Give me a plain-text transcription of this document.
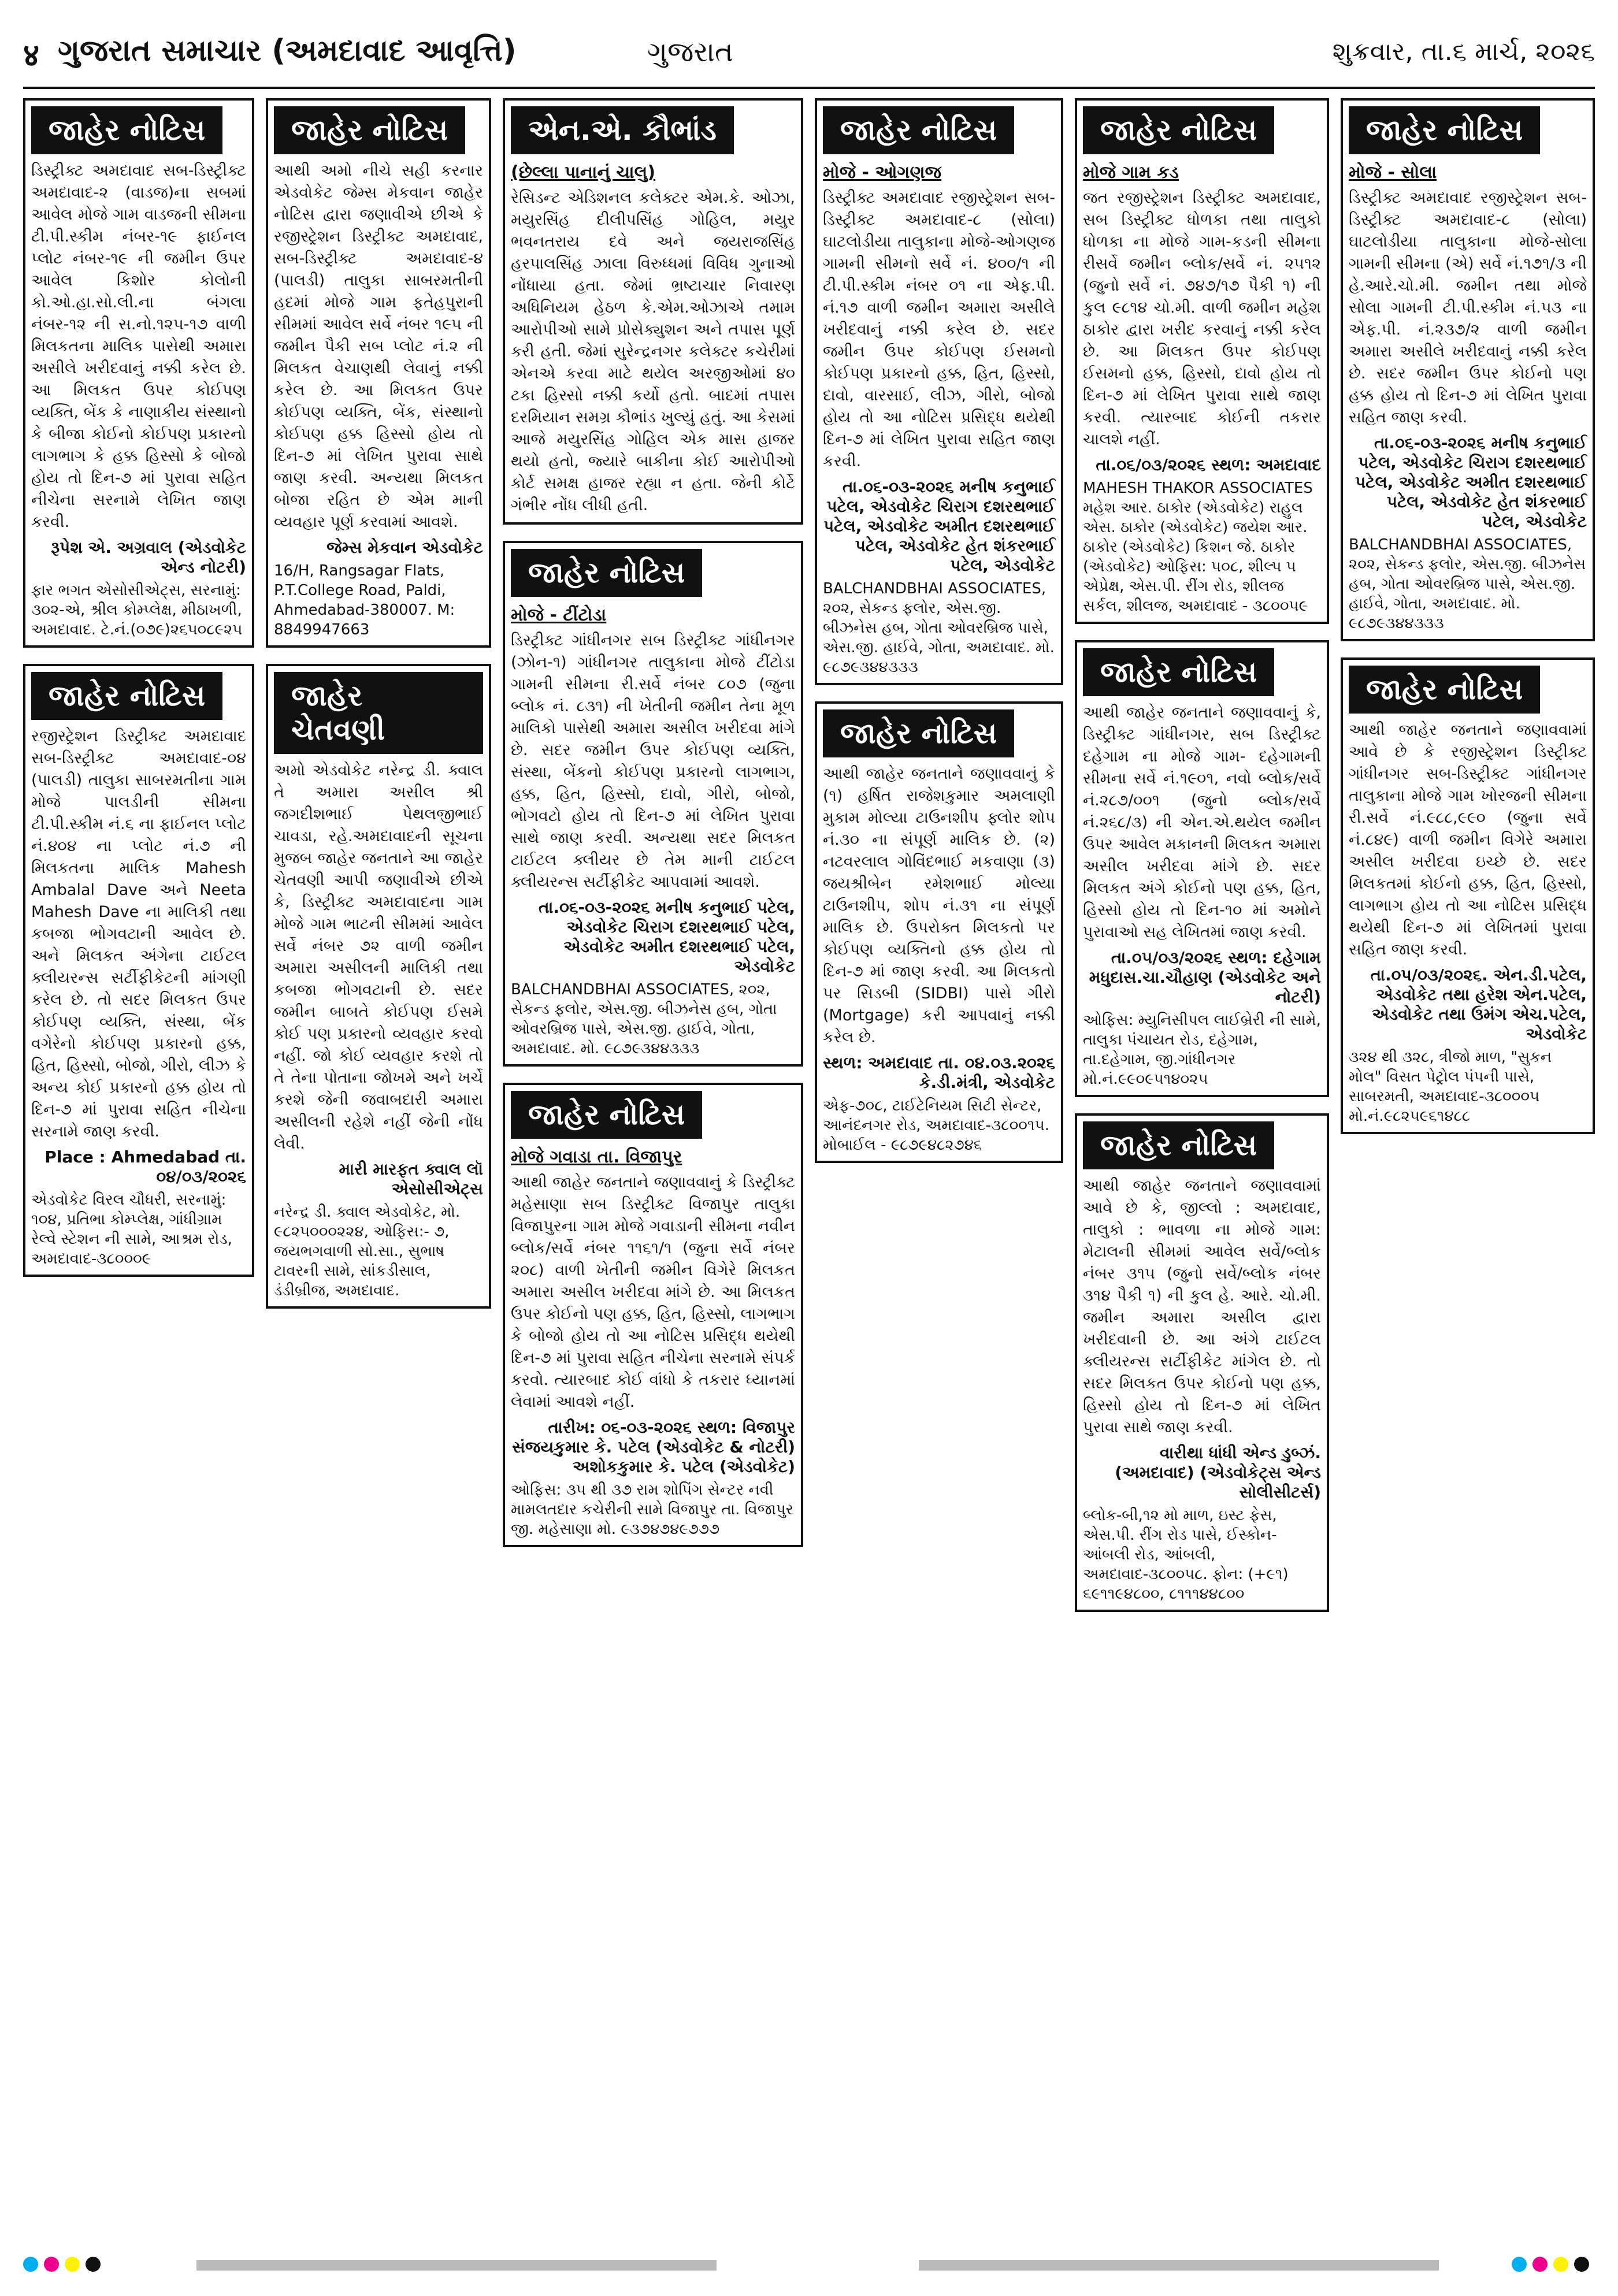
४ ગુજરાત સમાચાર (અમદાવાદ આવૃત્તિ)	ગુજરાત	શુક્રવાર, તા.૬ માર્ચ, ૨૦૨૬
જાહેર નોટિસ
ડિસ્ટ્રીક્ટ અમદાવાદ સબ-ડિસ્ટ્રીક્ટ અમદાવાદ-૨ (વાડજ)ના સબમાં આવેલ મોજે ગામ વાડજની સીમના ટી.પી.સ્કીમ નંબર-૧૯ ફાઈનલ પ્લોટ નંબર-૧૯ ની જમીન ઉપર આવેલ કિશોર કોલોની કો.ઓ.હા.સો.લી.ના બંગલા નંબર-૧૨ ની સ.નો.૧૨૫-૧૭ વાળી મિલકતના માલિક પાસેથી અમારા અસીલે ખરીદવાનું નક્કી કરેલ છે. આ મિલકત ઉપર કોઈપણ વ્યક્તિ, બેંક કે નાણાકીય સંસ્થાનો કે બીજા કોઈનો કોઈપણ પ્રકારનો લાગભાગ કે હક્ક હિસ્સો કે બોજો હોય તો દિન-૭ માં પુરાવા સહિત નીચેના સરનામે લેખિત જાણ કરવી.
રૂપેશ એ. અગ્રવાલ (એડવોકેટ એન્ડ નોટરી)
ફાર ભગત એસોસીએટ્સ, સરનામું: ૩૦૨-એ, શ્રીલ કોમ્પ્લેક્ષ, મીઠાખળી, અમદાવાદ. ટે.નં.(૦૭૯)૨૬૫૦૮૯૨૫
જાહેર નોટિસ
રજીસ્ટ્રેશન ડિસ્ટ્રીક્ટ અમદાવાદ સબ-ડિસ્ટ્રીક્ટ અમદાવાદ-૦૪ (પાલડી) તાલુકા સાબરમતીના ગામ મોજે પાલડીની સીમના ટી.પી.સ્કીમ નં.૬ ના ફાઈનલ પ્લોટ નં.૪૦૪ ના પ્લોટ નં.૭ ની મિલકતના માલિક Mahesh Ambalal Dave અને Neeta Mahesh Dave ના માલિકી તથા કબજા ભોગવટાની આવેલ છે. અને મિલકત અંગેના ટાઈટલ ક્લીયરન્સ સર્ટીફીકેટની માંગણી કરેલ છે. તો સદર મિલકત ઉપર કોઈપણ વ્યક્તિ, સંસ્થા, બેંક વગેરેનો કોઈપણ પ્રકારનો હક્ક, હિત, હિસ્સો, બોજો, ગીરો, લીઝ કે અન્ય કોઈ પ્રકારનો હક્ક હોય તો દિન-૭ માં પુરાવા સહિત નીચેના સરનામે જાણ કરવી.
Place : Ahmedabad તા. ૦૪/૦૩/૨૦૨૬
એડવોકેટ વિરલ ચૌધરી, સરનામું: ૧૦૪, પ્રતિભા કોમ્પ્લેક્ષ, ગાંધીગ્રામ રેલ્વે સ્ટેશન ની સામે, આશ્રમ રોડ, અમદાવાદ-૩૮૦૦૦૯
જાહેર નોટિસ
આથી અમો નીચે સહી કરનાર એડવોકેટ જેમ્સ મેકવાન જાહેર નોટિસ દ્વારા જણાવીએ છીએ કે રજીસ્ટ્રેશન ડિસ્ટ્રીક્ટ અમદાવાદ, સબ-ડિસ્ટ્રીક્ટ અમદાવાદ-૪ (પાલડી) તાલુકા સાબરમતીની હદમાં મોજે ગામ ફતેહપુરાની સીમમાં આવેલ સર્વે નંબર ૧૯૫ ની જમીન પૈકી સબ પ્લોટ નં.૨ ની મિલકત વેચાણથી લેવાનું નક્કી કરેલ છે. આ મિલકત ઉપર કોઈપણ વ્યક્તિ, બેંક, સંસ્થાનો કોઈપણ હક્ક હિસ્સો હોય તો દિન-૭ માં લેખિત પુરાવા સાથે જાણ કરવી. અન્યથા મિલકત બોજા રહિત છે એમ માની વ્યવહાર પૂર્ણ કરવામાં આવશે.
જેમ્સ મેકવાન એડવોકેટ
16/H, Rangsagar Flats, P.T.College Road, Paldi, Ahmedabad-380007. M: 8849947663
જાહેર ચેતવણી
અમો એડવોકેટ નરેન્દ્ર ડી. ક્વાલ તે અમારા અસીલ શ્રી જગદીશભાઈ પેથલજીભાઈ ચાવડા, રહે.અમદાવાદની સૂચના મુજબ જાહેર જનતાને આ જાહેર ચેતવણી આપી જણાવીએ છીએ કે, ડિસ્ટ્રીક્ટ અમદાવાદના ગામ મોજે ગામ ભાટની સીમમાં આવેલ સર્વે નંબર ૭૨ વાળી જમીન અમારા અસીલની માલિકી તથા કબજા ભોગવટાની છે. સદર જમીન બાબતે કોઈપણ ઈસમે કોઈ પણ પ્રકારનો વ્યવહાર કરવો નહીં. જો કોઈ વ્યવહાર કરશે તો તે તેના પોતાના જોખમે અને ખર્ચે કરશે જેની જવાબદારી અમારા અસીલની રહેશે નહીં જેની નોંધ લેવી.
મારી મારફત ક્વાલ લૉ એસોસીએટ્સ
નરેન્દ્ર ડી. ક્વાલ એડવોકેટ, મો. ૯૮૨૫૦૦૦૨૨૪, ઓફિસ:- ૭, જયભગવાળી સો.સા., સુભાષ ટાવરની સામે, સાંકડીસાલ, ડંડીબ્રીજ, અમદાવાદ.
એન.એ. કૌભાંડ
(છેલ્લા પાનાનું ચાલુ)
રેસિડન્ટ એડિશનલ કલેક્ટર એમ.કે. ઓઝા, મયુરસિંહ દીલીપસિંહ ગોહિલ, મયુર ભવનતરાય દવે અને જયરાજસિંહ હરપાલસિંહ ઝાલા વિરુધ્ધમાં વિવિધ ગુનાઓ નોંધાયા હતા. જેમાં ભ્રષ્ટાચાર નિવારણ અધિનિયમ હેઠળ કે.એમ.ઓઝાએ તમામ આરોપીઓ સામે પ્રોસેક્યુશન અને તપાસ પૂર્ણ કરી હતી. જેમાં સુરેન્દ્રનગર કલેક્ટર કચેરીમાં એનએ કરવા માટે થયેલ અરજીઓમાં ૪૦ ટકા હિસ્સો નક્કી કર્યો હતો. બાદમાં તપાસ દરમિયાન સમગ્ર કૌભાંડ ખુલ્યું હતું. આ કેસમાં આજે મયુરસિંહ ગોહિલ એક માસ હાજર થયો હતો, જ્યારે બાકીના કોઈ આરોપીઓ કોર્ટ સમક્ષ હાજર રહ્યા ન હતા. જેની કોર્ટે ગંભીર નોંધ લીધી હતી.
જાહેર નોટિસ
મોજે - ટીંટોડા
ડિસ્ટ્રીક્ટ ગાંધીનગર સબ ડિસ્ટ્રીક્ટ ગાંધીનગર (ઝોન-૧) ગાંધીનગર તાલુકાના મોજે ટીંટોડા ગામની સીમના રી.સર્વે નંબર ૮૦૭ (જુના બ્લોક નં. ૮૩૧) ની ખેતીની જમીન તેના મૂળ માલિકો પાસેથી અમારા અસીલ ખરીદવા માંગે છે. સદર જમીન ઉપર કોઈપણ વ્યક્તિ, સંસ્થા, બેંકનો કોઈપણ પ્રકારનો લાગભાગ, હક્ક, હિત, હિસ્સો, દાવો, ગીરો, બોજો, ભોગવટો હોય તો દિન-૭ માં લેખિત પુરાવા સાથે જાણ કરવી. અન્યથા સદર મિલકત ટાઈટલ ક્લીયર છે તેમ માની ટાઈટલ ક્લીયરન્સ સર્ટીફીકેટ આપવામાં આવશે.
તા.૦૬-૦૩-૨૦૨૬ મનીષ કનુભાઈ પટેલ, એડવોકેટ ચિરાગ દશરથભાઈ પટેલ, એડવોકેટ અમીત દશરથભાઈ પટેલ, એડવોકેટ
BALCHANDBHAI ASSOCIATES, ૨૦૨, સેકન્ડ ફલોર, એસ.જી. બીઝનેસ હબ, ગોતા ઓવરબ્રિજ પાસે, એસ.જી. હાઈવે, ગોતા, અમદાવાદ. મો. ૯૮૭૯૩૪૪૩૩૩
જાહેર નોટિસ
મોજે ગવાડા તા. વિજાપુર
આથી જાહેર જનતાને જણાવવાનું કે ડિસ્ટ્રીક્ટ મહેસાણા સબ ડિસ્ટ્રીક્ટ વિજાપુર તાલુકા વિજાપુરના ગામ મોજે ગવાડાની સીમના નવીન બ્લોક/સર્વે નંબર ૧૧૬૧/૧ (જુના સર્વે નંબર ૨૦૮) વાળી ખેતીની જમીન વિગેરે મિલકત અમારા અસીલ ખરીદવા માંગે છે. આ મિલકત ઉપર કોઈનો પણ હક્ક, હિત, હિસ્સો, લાગભાગ કે બોજો હોય તો આ નોટિસ પ્રસિદ્ધ થયેથી દિન-૭ માં પુરાવા સહિત નીચેના સરનામે સંપર્ક કરવો. ત્યારબાદ કોઈ વાંધો કે તકરાર ધ્યાનમાં લેવામાં આવશે નહીં.
તારીખ: ૦૬-૦૩-૨૦૨૬ સ્થળ: વિજાપુર સંજયકુમાર કે. પટેલ (એડવોકેટ & નોટરી) અશોકકુમાર કે. પટેલ (એડવોકેટ)
ઓફિસ: ૩૫ થી ૩૭ રામ શોપિંગ સેન્ટર નવી મામલતદાર કચેરીની સામે વિજાપુર તા. વિજાપુર જી. મહેસાણા મો. ૯૩૭૪૭૪૯૭૭૭
જાહેર નોટિસ
મોજે - ઓગણજ
ડિસ્ટ્રીક્ટ અમદાવાદ રજીસ્ટ્રેશન સબ-ડિસ્ટ્રીક્ટ અમદાવાદ-૮ (સોલા) ઘાટલોડીયા તાલુકાના મોજે-ઓગણજ ગામની સીમનો સર્વે નં. ૪૦૦/૧ ની ટી.પી.સ્કીમ નંબર ૦૧ ના એફ.પી. નં.૧૭ વાળી જમીન અમારા અસીલે ખરીદવાનું નક્કી કરેલ છે. સદર જમીન ઉપર કોઈપણ ઈસમનો કોઈપણ પ્રકારનો હક્ક, હિત, હિસ્સો, દાવો, વારસાઈ, લીઝ, ગીરો, બોજો હોય તો આ નોટિસ પ્રસિદ્ધ થયેથી દિન-૭ માં લેખિત પુરાવા સહિત જાણ કરવી.
તા.૦૬-૦૩-૨૦૨૬ મનીષ કનુભાઈ પટેલ, એડવોકેટ ચિરાગ દશરથભાઈ પટેલ, એડવોકેટ અમીત દશરથભાઈ પટેલ, એડવોકેટ હેત શંકરભાઈ પટેલ, એડવોકેટ
BALCHANDBHAI ASSOCIATES, ૨૦૨, સેકન્ડ ફલોર, એસ.જી. બીઝનેસ હબ, ગોતા ઓવરબ્રિજ પાસે, એસ.જી. હાઈવે, ગોતા, અમદાવાદ. મો. ૯૮૭૯૩૪૪૩૩૩
જાહેર નોટિસ
આથી જાહેર જનતાને જણાવવાનું કે (૧) હર્ષિત રાજેશકુમાર અમલાણી મુકામ મોલ્યા ટાઉનશીપ ફ્લોર શોપ નં.૩૦ ના સંપૂર્ણ માલિક છે. (૨) નટવરલાલ ગોવિંદભાઈ મકવાણા (૩) જયશ્રીબેન રમેશભાઈ મોલ્યા ટાઉનશીપ, શોપ નં.૩૧ ના સંપૂર્ણ માલિક છે. ઉપરોક્ત મિલકતો પર કોઈપણ વ્યક્તિનો હક્ક હોય તો દિન-૭ માં જાણ કરવી. આ મિલકતો પર સિડબી (SIDBI) પાસે ગીરો (Mortgage) કરી આપવાનું નક્કી કરેલ છે.
સ્થળ: અમદાવાદ તા. ૦૪.૦૩.૨૦૨૬ કે.ડી.મંત્રી, એડવોકેટ
એફ-૭૦૮, ટાઈટેનિયમ સિટી સેન્ટર, આનંદનગર રોડ, અમદાવાદ-૩૮૦૦૧૫. મોબાઈલ - ૯૮૭૯૪૮૨૭૪૬
જાહેર નોટિસ
મોજે ગામ કડ
જત રજીસ્ટ્રેશન ડિસ્ટ્રીક્ટ અમદાવાદ, સબ ડિસ્ટ્રીક્ટ ધોળકા તથા તાલુકો ધોળકા ના મોજે ગામ-કડની સીમના રીસર્વે જમીન બ્લોક/સર્વે નં. ૨૫૧૨ (જુનો સર્વે નં. ૭૪૭/૧૭ પૈકી ૧) ની કુલ ૯૮૧૪ ચો.મી. વાળી જમીન મહેશ ઠાકોર દ્વારા ખરીદ કરવાનું નક્કી કરેલ છે. આ મિલકત ઉપર કોઈપણ ઈસમનો હક્ક, હિસ્સો, દાવો હોય તો દિન-૭ માં લેખિત પુરાવા સાથે જાણ કરવી. ત્યારબાદ કોઈની તકરાર ચાલશે નહીં.
તા.૦૬/૦૩/૨૦૨૬ સ્થળ: અમદાવાદ
MAHESH THAKOR ASSOCIATES મહેશ આર. ઠાકોર (એડવોકેટ) રાહુલ એસ. ઠાકોર (એડવોકેટ) જયેશ આર. ઠાકોર (એડવોકેટ) કિશન જે. ઠાકોર (એડવોકેટ) ઓફિસ: ૫૦૮, શીલ્પ ૫ એપ્રેક્ષ, એસ.પી. રીંગ રોડ, શીલજ સર્કલ, શીલજ, અમદાવાદ - ૩૮૦૦૫૯
જાહેર નોટિસ
આથી જાહેર જનતાને જણાવવાનું કે, ડિસ્ટ્રીક્ટ ગાંધીનગર, સબ ડિસ્ટ્રીક્ટ દહેગામ ના મોજે ગામ- દહેગામની સીમના સર્વે નં.૧૯૦૧, નવો બ્લોક/સર્વે નં.૨૮૭/૦૦૧ (જુનો બ્લોક/સર્વે નં.૨૬૮/૩) ની એન.એ.થયેલ જમીન ઉપર આવેલ મકાનની મિલકત અમારા અસીલ ખરીદવા માંગે છે. સદર મિલકત અંગે કોઈનો પણ હક્ક, હિત, હિસ્સો હોય તો દિન-૧૦ માં અમોને પુરાવાઓ સહ લેખિતમાં જાણ કરવી.
તા.૦૫/૦૩/૨૦૨૬ સ્થળ: દહેગામ મધુદાસ.ચા.ચૌહાણ (એડવોકેટ અને નોટરી)
ઓફિસ: મ્યુનિસીપલ લાઈબ્રેરી ની સામે, તાલુકા પંચાયત રોડ, દહેગામ, તા.દહેગામ, જી.ગાંધીનગર મો.નં.૯૯૦૯૫૧૪૦૨૫
જાહેર નોટિસ
આથી જાહેર જનતાને જણાવવામાં આવે છે કે, જીલ્લો : અમદાવાદ, તાલુકો : ભાવળા ના મોજે ગામ: મેટાલની સીમમાં આવેલ સર્વે/બ્લોક નંબર ૩૧૫ (જુનો સર્વે/બ્લોક નંબર ૩૧૪ પૈકી ૧) ની કુલ હે. આરે. ચો.મી. જમીન અમારા અસીલ દ્વારા ખરીદવાની છે. આ અંગે ટાઈટલ ક્લીયરન્સ સર્ટીફીકેટ માંગેલ છે. તો સદર મિલકત ઉપર કોઈનો પણ હક્ક, હિસ્સો હોય તો દિન-૭ માં લેખિત પુરાવા સાથે જાણ કરવી.
વારીથા ધાંધી એન્ડ ડુબ્ઝં. (અમદાવાદ) (એડવોકેટ્સ એન્ડ સોલીસીટર્સ)
બ્લોક-બી,૧૨ મો માળ, ઇસ્ટ ફેસ, એસ.પી. રીંગ રોડ પાસે, ઈસ્કોન-આંબલી રોડ, આંબલી, અમદાવાદ-૩૮૦૦૫૮. ફોન: (+૯૧) ૬૯૧૧૯૪૮૦૦, ૮૧૧૧૪૪૮૦૦
જાહેર નોટિસ
મોજે - સોલા
ડિસ્ટ્રીક્ટ અમદાવાદ રજીસ્ટ્રેશન સબ-ડિસ્ટ્રીક્ટ અમદાવાદ-૮ (સોલા) ઘાટલોડીયા તાલુકાના મોજે-સોલા ગામની સીમના (એ) સર્વે નં.૧૭૧/૩ ની હે.આરે.ચો.મી. જમીન તથા મોજે સોલા ગામની ટી.પી.સ્કીમ નં.૫૩ ના એફ.પી. નં.૨૩૭/૨ વાળી જમીન અમારા અસીલે ખરીદવાનું નક્કી કરેલ છે. સદર જમીન ઉપર કોઈનો પણ હક્ક હોય તો દિન-૭ માં લેખિત પુરાવા સહિત જાણ કરવી.
તા.૦૬-૦૩-૨૦૨૬ મનીષ કનુભાઈ પટેલ, એડવોકેટ ચિરાગ દશરથભાઈ પટેલ, એડવોકેટ અમીત દશરથભાઈ પટેલ, એડવોકેટ હેત શંકરભાઈ પટેલ, એડવોકેટ
BALCHANDBHAI ASSOCIATES, ૨૦૨, સેકન્ડ ફલોર, એસ.જી. બીઝનેસ હબ, ગોતા ઓવરબ્રિજ પાસે, એસ.જી. હાઈવે, ગોતા, અમદાવાદ. મો. ૯૮૭૯૩૪૪૩૩૩
જાહેર નોટિસ
આથી જાહેર જનતાને જણાવવામાં આવે છે કે રજીસ્ટ્રેશન ડિસ્ટ્રીક્ટ ગાંધીનગર સબ-ડિસ્ટ્રીક્ટ ગાંધીનગર તાલુકાના મોજે ગામ ખોરજની સીમના રી.સર્વે નં.૯૮૮,૯૯૦ (જુના સર્વે નં.૮૪૯) વાળી જમીન વિગેરે અમારા અસીલ ખરીદવા ઇચ્છે છે. સદર મિલકતમાં કોઈનો હક્ક, હિત, હિસ્સો, લાગભાગ હોય તો આ નોટિસ પ્રસિદ્ધ થયેથી દિન-૭ માં લેખિતમાં પુરાવા સહિત જાણ કરવી.
તા.૦૫/૦૩/૨૦૨૬. એન.ડી.પટેલ, એડવોકેટ તથા હરેશ એન.પટેલ, એડવોકેટ તથા ઉમંગ એચ.પટેલ, એડવોકેટ
૩૨૪ થી ૩૨૮, ત્રીજો માળ, "સુકન મોલ" વિસત પેટ્રોલ પંપની પાસે, સાબરમતી, અમદાવાદ-૩૮૦૦૦૫ મો.નં.૯૮૨૫૯૬૧૪૮૮
